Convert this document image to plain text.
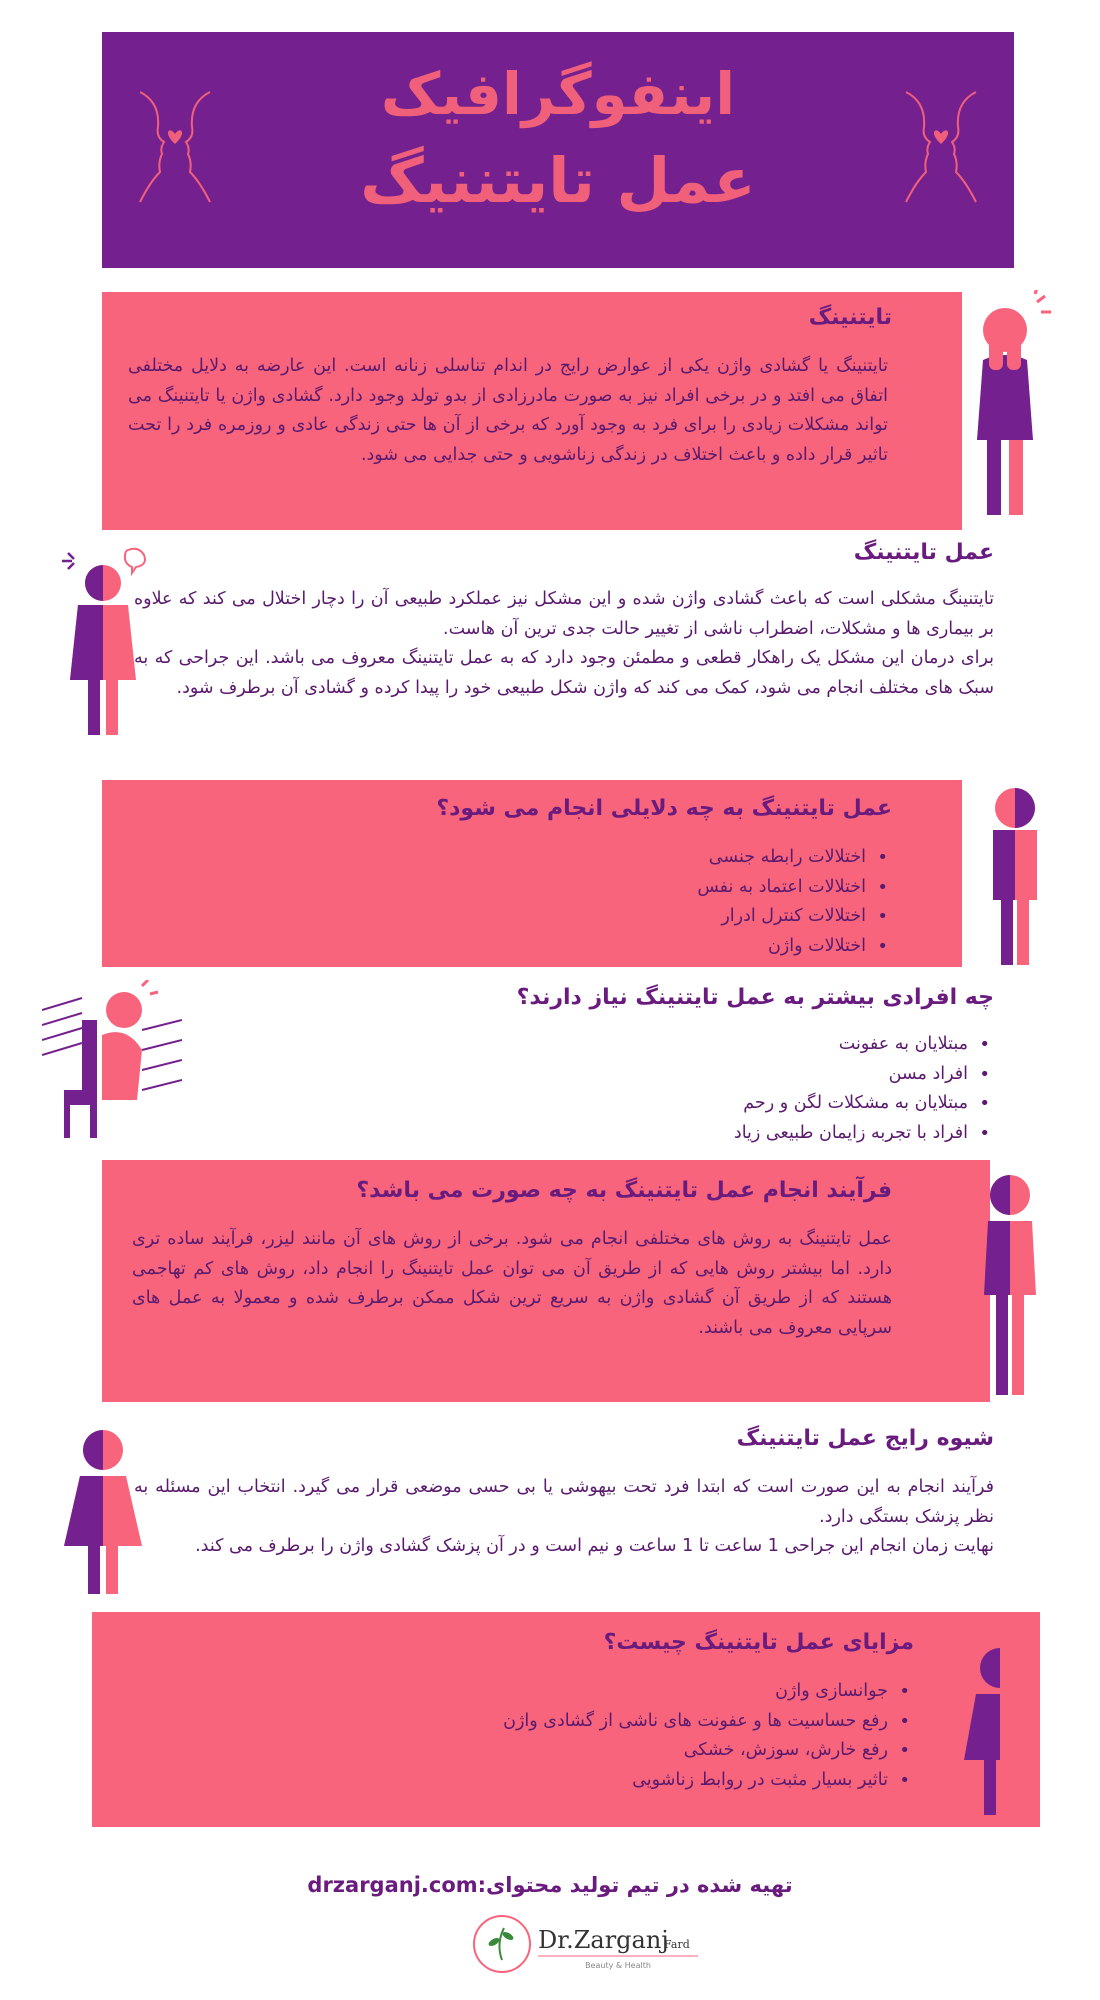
اینفوگرافیک
عمل تایتننیگ
تایتنینگ
تایتنینگ یا گشادی واژن یکی از عوارض رایج در اندام تناسلی زنانه است. این عارضه به دلایل مختلفی اتفاق می افتد و در برخی افراد نیز به صورت مادرزادی از بدو تولد وجود دارد. گشادی واژن یا تایتنینگ می تواند مشکلات زیادی را برای فرد به وجود آورد که برخی از آن ها حتی زندگی عادی و روزمره فرد را تحت تاثیر قرار داده و باعث اختلاف در زندگی زناشویی و حتی جدایی می شود.
عمل تایتنینگ

تایتنینگ مشکلی است که باعث گشادی واژن شده و این مشکل نیز عملکرد طبیعی آن را دچار اختلال می کند که علاوه بر بیماری ها و مشکلات، اضطراب ناشی از تغییر حالت جدی ترین آن هاست.

برای درمان این مشکل یک راهکار قطعی و مطمئن وجود دارد که به عمل تایتنینگ معروف می باشد. این جراحی که به سبک های مختلف انجام می شود، کمک می کند که واژن شکل طبیعی خود را پیدا کرده و گشادی آن برطرف شود.

عمل تایتنینگ به چه دلایلی انجام می شود؟
• اختلالات رابطه جنسی
• اختلالات اعتماد به نفس
• اختلالات کنترل ادرار
• اختلالات واژن
چه افرادی بیشتر به عمل تایتنینگ نیاز دارند؟
• مبتلایان به عفونت
• افراد مسن
• مبتلایان به مشکلات لگن و رحم
• افراد با تجربه زایمان طبیعی زیاد
فرآیند انجام عمل تایتنینگ به چه صورت می باشد؟
عمل تایتنینگ به روش های مختلفی انجام می شود. برخی از روش های آن مانند لیزر، فرآیند ساده تری دارد. اما بیشتر روش هایی که از طریق آن می توان عمل تایتنینگ را انجام داد، روش های کم تهاجمی هستند که از طریق آن گشادی واژن به سریع ترین شکل ممکن برطرف شده و معمولا به عمل های سرپایی معروف می باشند.
شیوه رایج عمل تایتنینگ

فرآیند انجام به این صورت است که ابتدا فرد تحت بیهوشی یا بی حسی موضعی قرار می گیرد. انتخاب این مسئله به نظر پزشک بستگی دارد.

نهایت زمان انجام این جراحی 1 ساعت تا 1 ساعت و نیم است و در آن پزشک گشادی واژن را برطرف می کند.

مزایای عمل تایتنینگ چیست؟
• جوانسازی واژن
• رفع حساسیت ها و عفونت های ناشی از گشادی واژن
• رفع خارش، سوزش، خشکی
• تاثیر بسیار مثبت در روابط زناشویی
تهیه شده در تیم تولید محتوای:drzarganj.com
Dr.Zarganj
Fard
Beauty & Health
